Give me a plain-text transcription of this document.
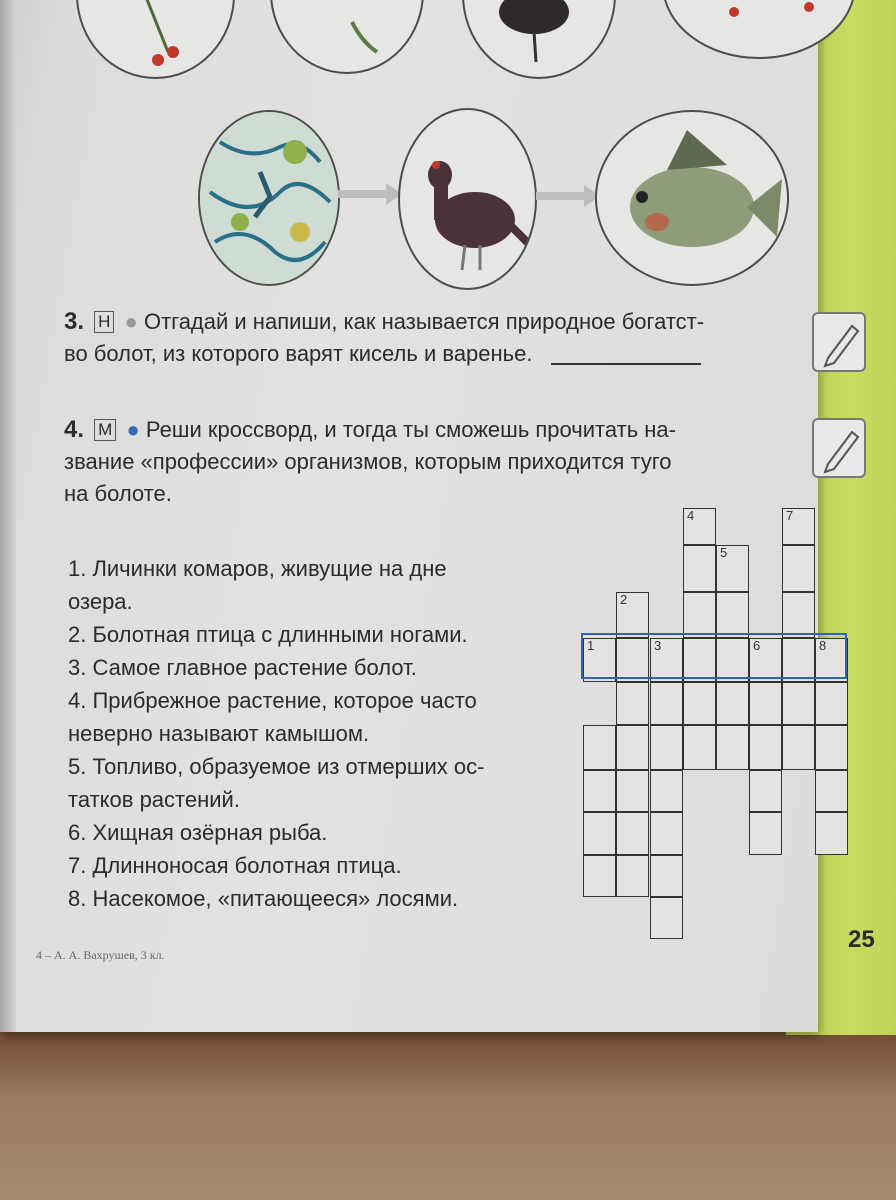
3. Н ● Отгадай и напиши, как называется природное богатст-
во болот, из которого варят кисель и варенье.
4. М ● Реши кроссворд, и тогда ты сможешь прочитать на-
звание «профессии» организмов, которым приходится туго
на болоте.

1. Личинки комаров, живущие на дне

озера.

2. Болотная птица с длинными ногами.

3. Самое главное растение болот.

4. Прибрежное растение, которое часто

неверно называют камышом.

5. Топливо, образуемое из отмерших ос-

татков растений.

6. Хищная озёрная рыба.

7. Длинноносая болотная птица.

8. Насекомое, «питающееся» лосями.

1
2
3
4
5
6
7
8
4 – А. А. Вахрушев, 3 кл.
25
